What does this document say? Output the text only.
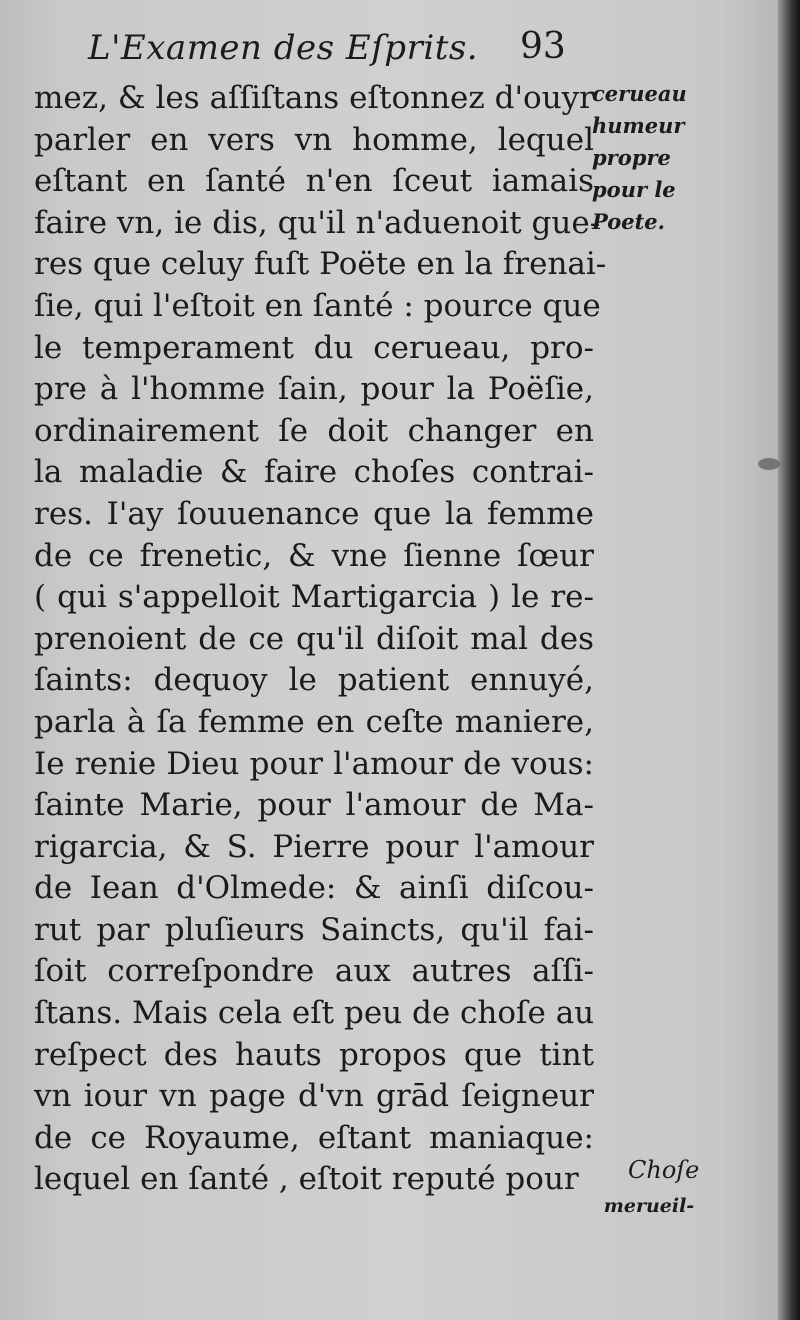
L'Examen des Eſprits. 93
mez, & les aſſiſtans eſtonnez d'ouyr
parler en vers vn homme, lequel
eſtant en ſanté n'en ſceut iamais
faire vn, ie dis, qu'il n'aduenoit gue-
res que celuy fuſt Poëte en la frenai-
ſie, qui l'eſtoit en ſanté : pource que
le temperament du cerueau, pro-
pre à l'homme ſain, pour la Poëſie,
ordinairement ſe doit changer en
la maladie & faire choſes contrai-
res. I'ay ſouuenance que la femme
de ce frenetic, & vne ſienne ſœur
( qui s'appelloit Martigarcia ) le re-
prenoient de ce qu'il diſoit mal des
ſaints: dequoy le patient ennuyé,
parla à ſa femme en ceſte maniere,
Ie renie Dieu pour l'amour de vous:
ſainte Marie, pour l'amour de Ma-
rigarcia, & S. Pierre pour l'amour
de Iean d'Olmede: & ainſi diſcou-
rut par pluſieurs Saincts, qu'il fai-
ſoit correſpondre aux autres aſſi-
ſtans. Mais cela eſt peu de choſe au
reſpect des hauts propos que tint
vn iour vn page d'vn grād ſeigneur
de ce Royaume, eſtant maniaque:
lequel en ſanté , eſtoit reputé pour
cerueau
humeur
propre
pour le
Poete.
Choſe
merueil-
